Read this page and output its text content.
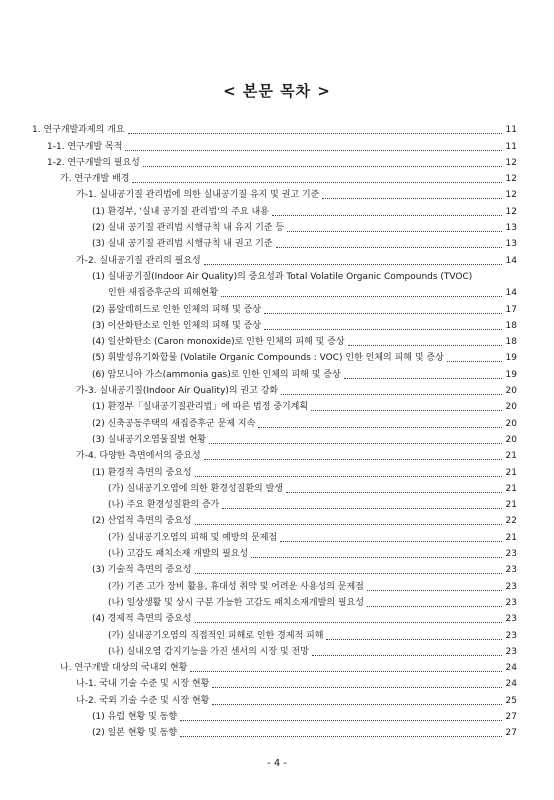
< 본문 목차 >
1. 연구개발과제의 개요	11
1-1. 연구개발 목적	11
1-2. 연구개발의 필요성	12
가. 연구개발 배경	12
가-1. 실내공기질 관리법에 의한 실내공기질 유지 및 권고 기준	12
(1) 환경부, '실내 공기질 관리법'의 주요 내용	12
(2) 실내 공기질 관리법 시행규칙 내 유지 기준 등	13
(3) 실내 공기질 관리법 시행규칙 내 권고 기준	13
가-2. 실내공기질 관리의 필요성	14
(1) 실내공기질(Indoor Air Quality)의 중요성과 Total Volatile Organic Compounds (TVOC)
인한 새집증후군의 피해현황	14
(2) 폼알데히드로 인한 인체의 피해 및 증상	17
(3) 이산화탄소로 인한 인체의 피해 및 증상	18
(4) 일산화탄소 (Caron monoxide)로 인한 인체의 피해 및 증상	18
(5) 휘발성유기화합물 (Volatile Organic Compounds : VOC) 인한 인체의 피해 및 증상	19
(6) 암모니아 가스(ammonia gas)로 인한 인체의 피해 및 증상	19
가-3. 실내공기질(Indoor Air Quality)의 권고 강화	20
(1) 환경부「실내공기질관리법」에 따른 법정 중기계획	20
(2) 신축공동주택의 새집증후군 문제 지속	20
(3) 실내공기오염물질별 현황	20
가-4. 다양한 측면에서의 중요성	21
(1) 환경적 측면의 중요성	21
(가) 실내공기오염에 의한 환경성질환의 발생	21
(나) 주요 환경성질환의 증가	21
(2) 산업적 측면의 중요성	22
(가) 실내공기오염의 피해 및 예방의 문제점	21
(나) 고감도 패치소재 개발의 필요성	23
(3) 기술적 측면의 중요성	23
(가) 기존 고가 장비 활용, 휴대성 취약 및 어려운 사용성의 문제점	23
(나) 일상생활 및 상시 구분 가능한 고감도 패치소재개발의 필요성	23
(4) 경제적 측면의 중요성	23
(가) 실내공기오염의 직접적인 피해로 인한 경제적 피해	23
(나) 실내오염 감지기능을 가진 센서의 시장 및 전망	23
나. 연구개발 대상의 국내외 현황	24
나-1. 국내 기술 수준 및 시장 현황	24
나-2. 국외 기술 수준 및 시장 현황	25
(1) 유럽 현황 및 동향	27
(2) 일본 현황 및 동향	27
- 4 -
